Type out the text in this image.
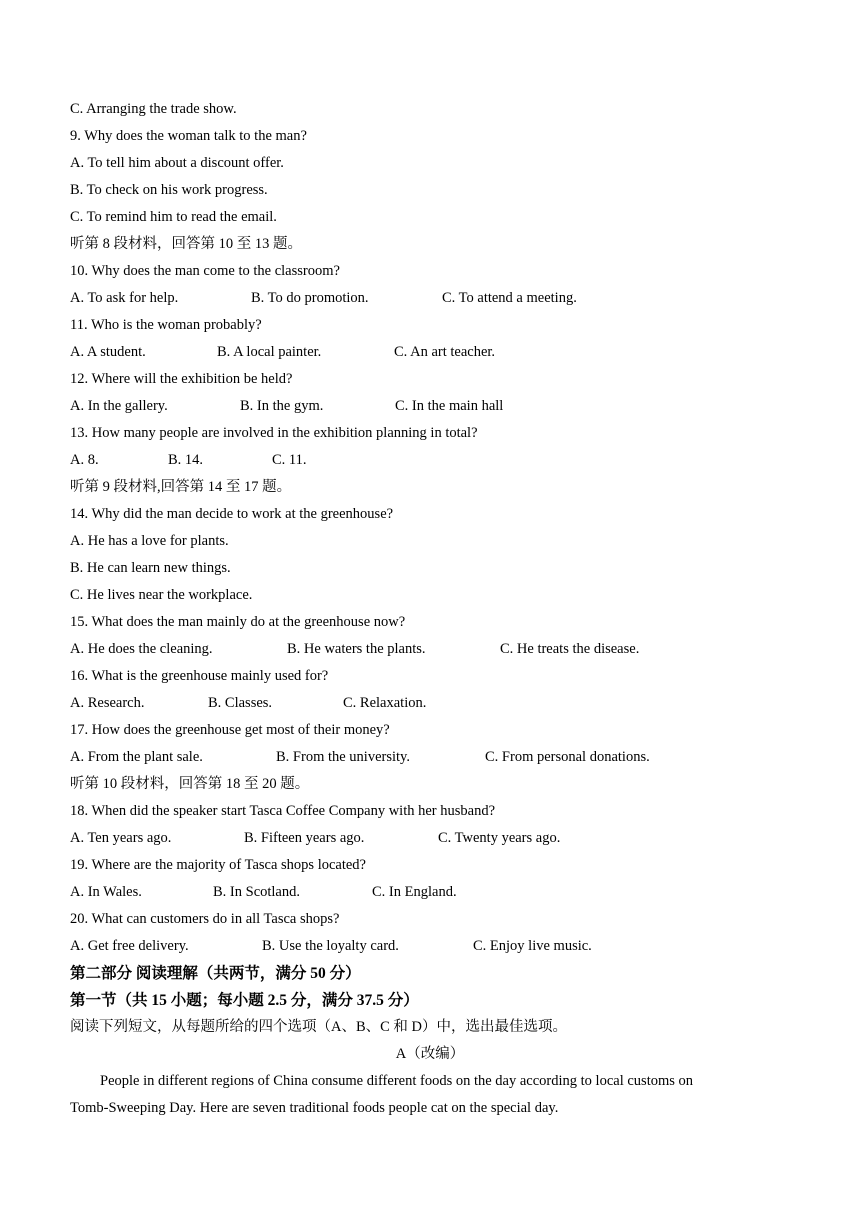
C. Arranging the trade show.
9. Why does the woman talk to the man?
A. To tell him about a discount offer.
B. To check on his work progress.
C. To remind him to read the email.
听第 8 段材料，回答第 10 至 13 题。
10. Why does the man come to the classroom?
A. To ask for help.	B. To do promotion.	C. To attend a meeting.
11. Who is the woman probably?
A. A student.	B. A local painter.	C. An art teacher.
12. Where will the exhibition be held?
A. In the gallery.	B. In the gym.	C. In the main hall
13. How many people are involved in the exhibition planning in total?
A. 8.	B. 14.	C. 11.
听第 9 段材料,回答第 14 至 17 题。
14. Why did the man decide to work at the greenhouse?
A. He has a love for plants.
B. He can learn new things.
C. He lives near the workplace.
15. What does the man mainly do at the greenhouse now?
A. He does the cleaning.	B. He waters the plants.	C. He treats the disease.
16. What is the greenhouse mainly used for?
A. Research.	B. Classes.	C. Relaxation.
17. How does the greenhouse get most of their money?
A. From the plant sale.	B. From the university.	C. From personal donations.
听第 10 段材料，回答第 18 至 20 题。
18. When did the speaker start Tasca Coffee Company with her husband?
A. Ten years ago.	B. Fifteen years ago.	C. Twenty years ago.
19. Where are the majority of Tasca shops located?
A. In Wales.	B. In Scotland.	C. In England.
20. What can customers do in all Tasca shops?
A. Get free delivery.	B. Use the loyalty card.	C. Enjoy live music.
第二部分 阅读理解（共两节，满分 50 分）
第一节（共 15 小题；每小题 2.5 分，满分 37.5 分）
阅读下列短文，从每题所给的四个选项（A、B、C 和 D）中，选出最佳选项。
A（改编）
People in different regions of China consume different foods on the day according to local customs on
Tomb-Sweeping Day. Here are seven traditional foods people cat on the special day.
